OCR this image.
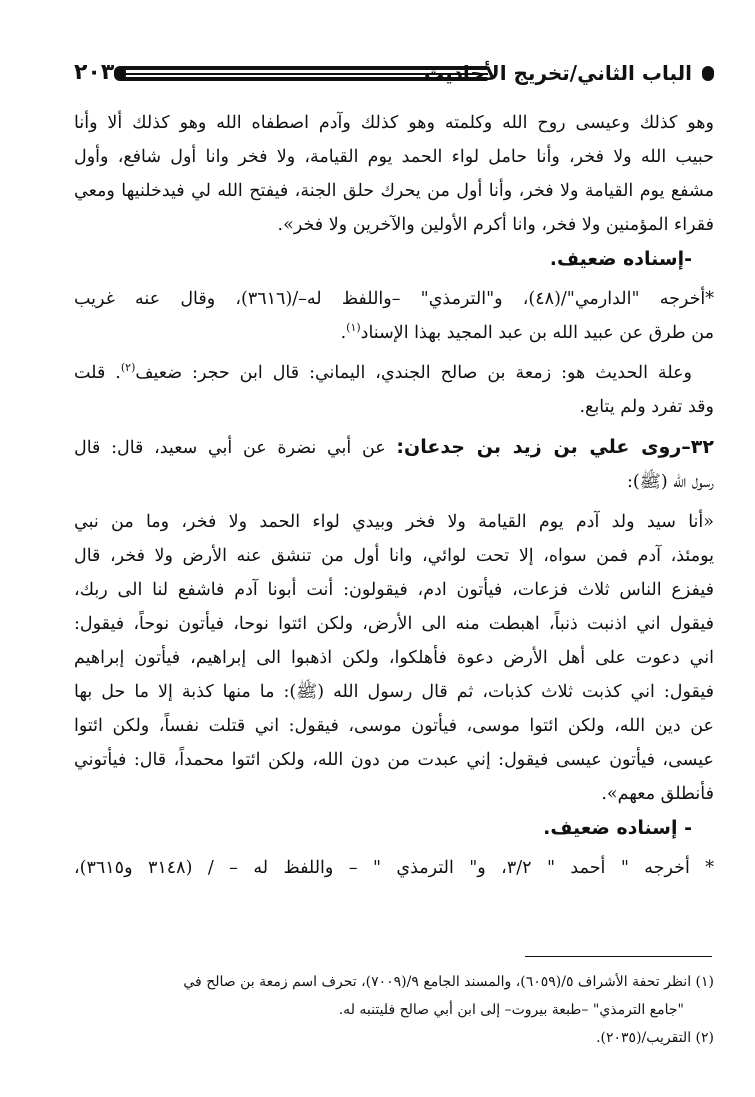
٢٠٣	الباب الثاني/تخريج الأحاديث
وهو كذلك وعيسى روح الله وكلمته وهو كذلك وآدم اصطفاه الله وهو كذلك ألا وأنا
حبيب الله ولا فخر، وأنا حامل لواء الحمد يوم القيامة، ولا فخر وانا أول شافع، وأول
مشفع يوم القيامة ولا فخر، وأنا أول من يحرك حلق الجنة، فيفتح الله لي فيدخلنيها ومعي
فقراء المؤمنين ولا فخر، وانا أكرم الأولين والآخرين ولا فخر».
-إسناده ضعيف.
*أخرجه "الدارمي"/(٤٨)، و"الترمذي" –واللفظ له–/(٣٦١٦)، وقال عنه غريب
من طرق عن عبيد الله بن عبد المجيد بهذا الإسناد$^{(١)}$.
وعلة الحديث هو: زمعة بن صالح الجندي، اليماني: قال ابن حجر: ضعيف$^{(٢)}$. قلت
وقد تفرد ولم يتابع.
٣٢–روى علي بن زيد بن جدعان: عن أبي نضرة عن أبي سعيد، قال: قال
رسول الله (ﷺ):
«أنا سيد ولد آدم يوم القيامة ولا فخر وبيدي لواء الحمد ولا فخر، وما من نبي
يومئذ، آدم فمن سواه، إلا تحت لوائي، وانا أول من تنشق عنه الأرض ولا فخر، قال
فيفزع الناس ثلاث فزعات، فيأتون ادم، فيقولون: أنت أبونا آدم فاشفع لنا الى ربك،
فيقول اني اذنبت ذنباً، اهبطت منه الى الأرض، ولكن ائتوا نوحا، فيأتون نوحاً، فيقول:
اني دعوت على أهل الأرض دعوة فأهلكوا، ولكن اذهبوا الى إبراهيم، فيأتون إبراهيم
فيقول: اني كذبت ثلاث كذبات، ثم قال رسول الله (ﷺ): ما منها كذبة إلا ما حل بها
عن دين الله، ولكن ائتوا موسى، فيأتون موسى، فيقول: اني قتلت نفساً، ولكن ائتوا
عيسى، فيأتون عيسى فيقول: إني عبدت من دون الله، ولكن ائتوا محمداً، قال: فيأتوني
فأنطلق معهم».
- إسناده ضعيف.
* أخرجه " أحمد " ٣/٢، و" الترمذي " – واللفظ له – / (٣١٤٨ و٣٦١٥)،
(١) انظر تحفة الأشراف ٥/(٦٠٥٩)، والمسند الجامع ٩/(٧٠٠٩)، تحرف اسم زمعة بن صالح في
"جامع الترمذي" –طبعة بيروت– إلى ابن أبي صالح فليتنبه له.
(٢) التقريب/(٢٠٣٥).
